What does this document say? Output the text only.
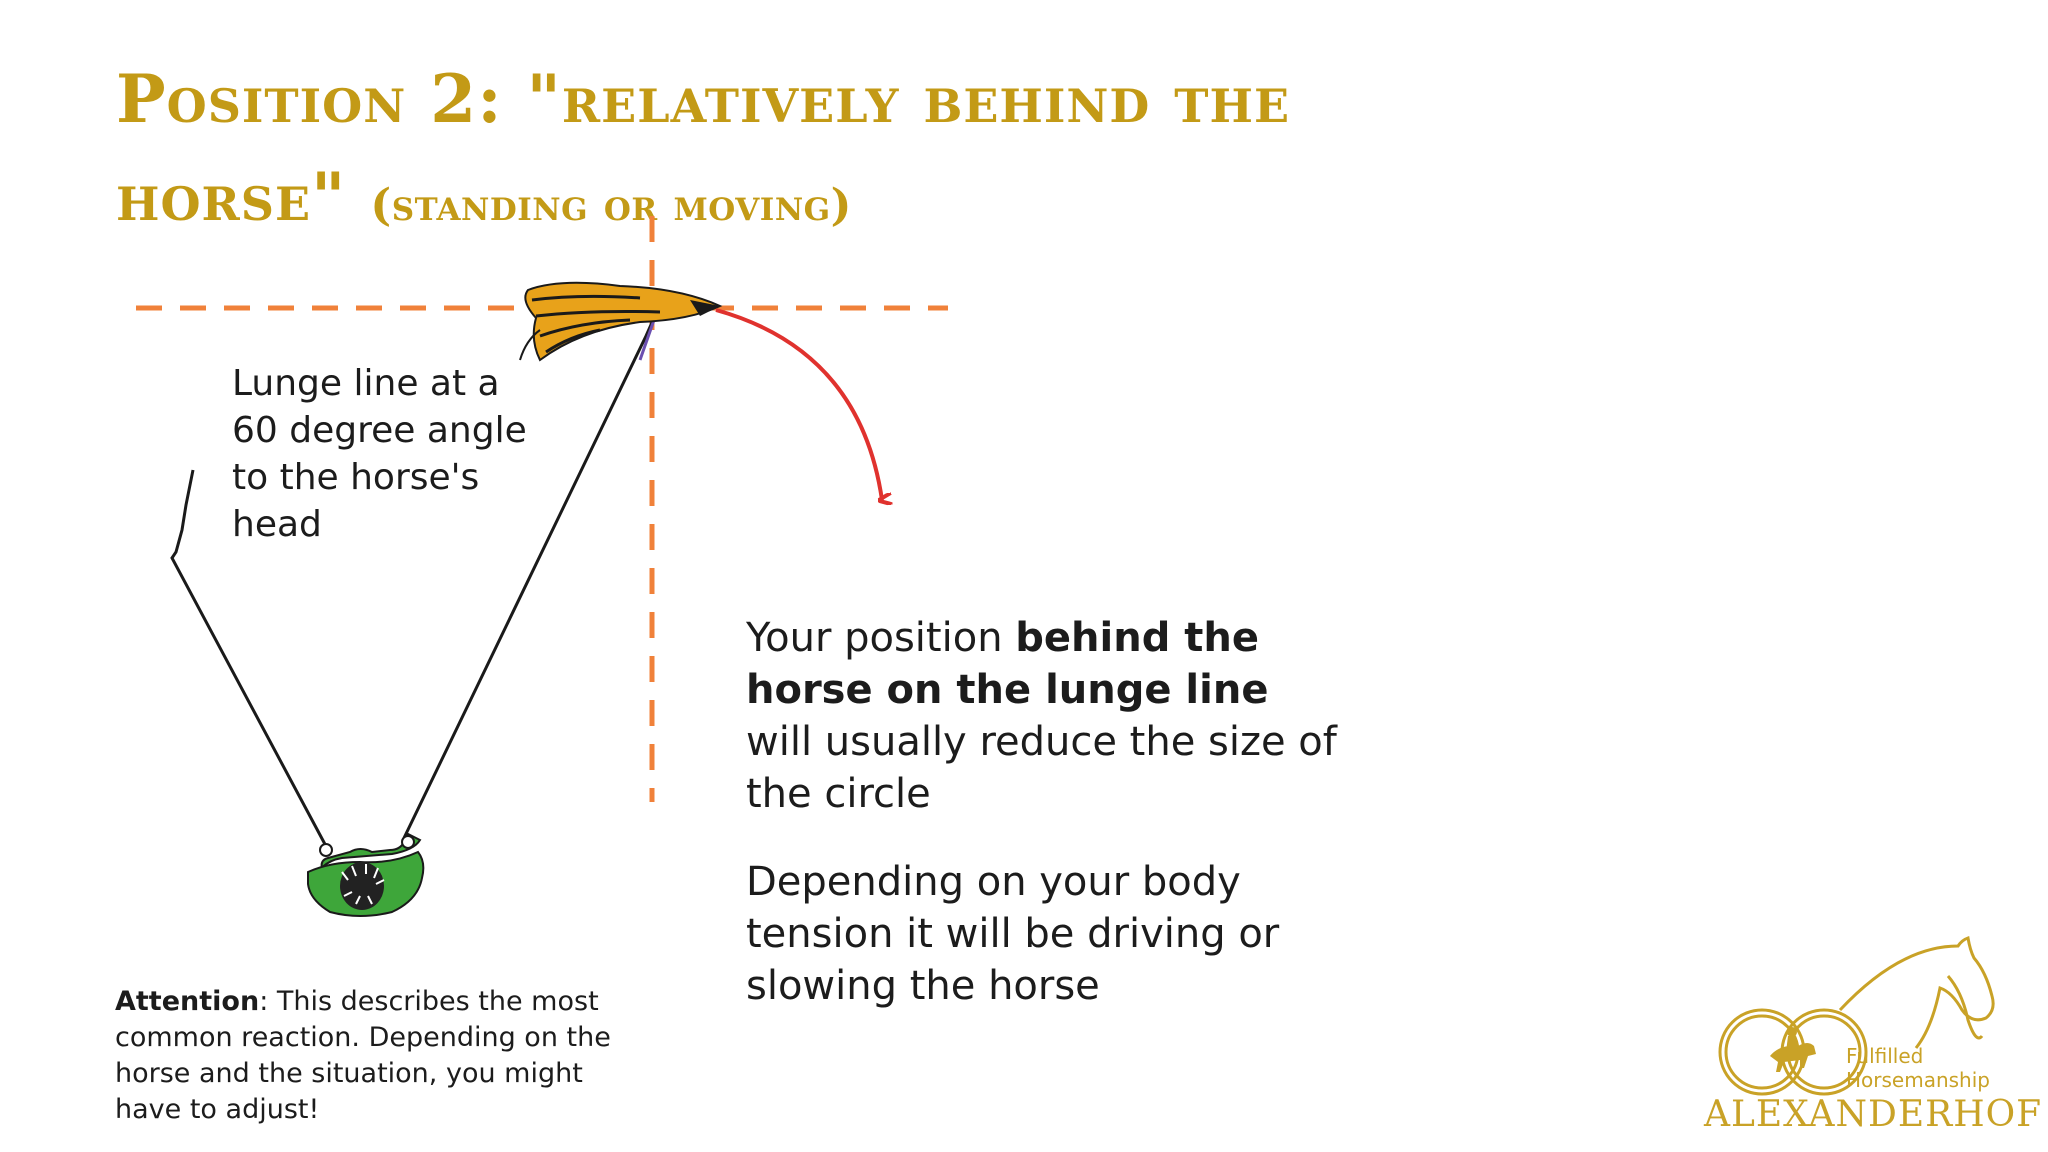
Position 2: "relatively behind the
horse" (standing or moving)
Lunge line at a 60 degree angle to the horse's head

Your position behind the horse on the lunge line will usually reduce the size of the circle

Depending on your body tension it will be driving or slowing the horse

Attention: This describes the most common reaction. Depending on the horse and the situation, you might have to adjust!
Fulfilled
Horsemanship
ALEXANDERHOF
